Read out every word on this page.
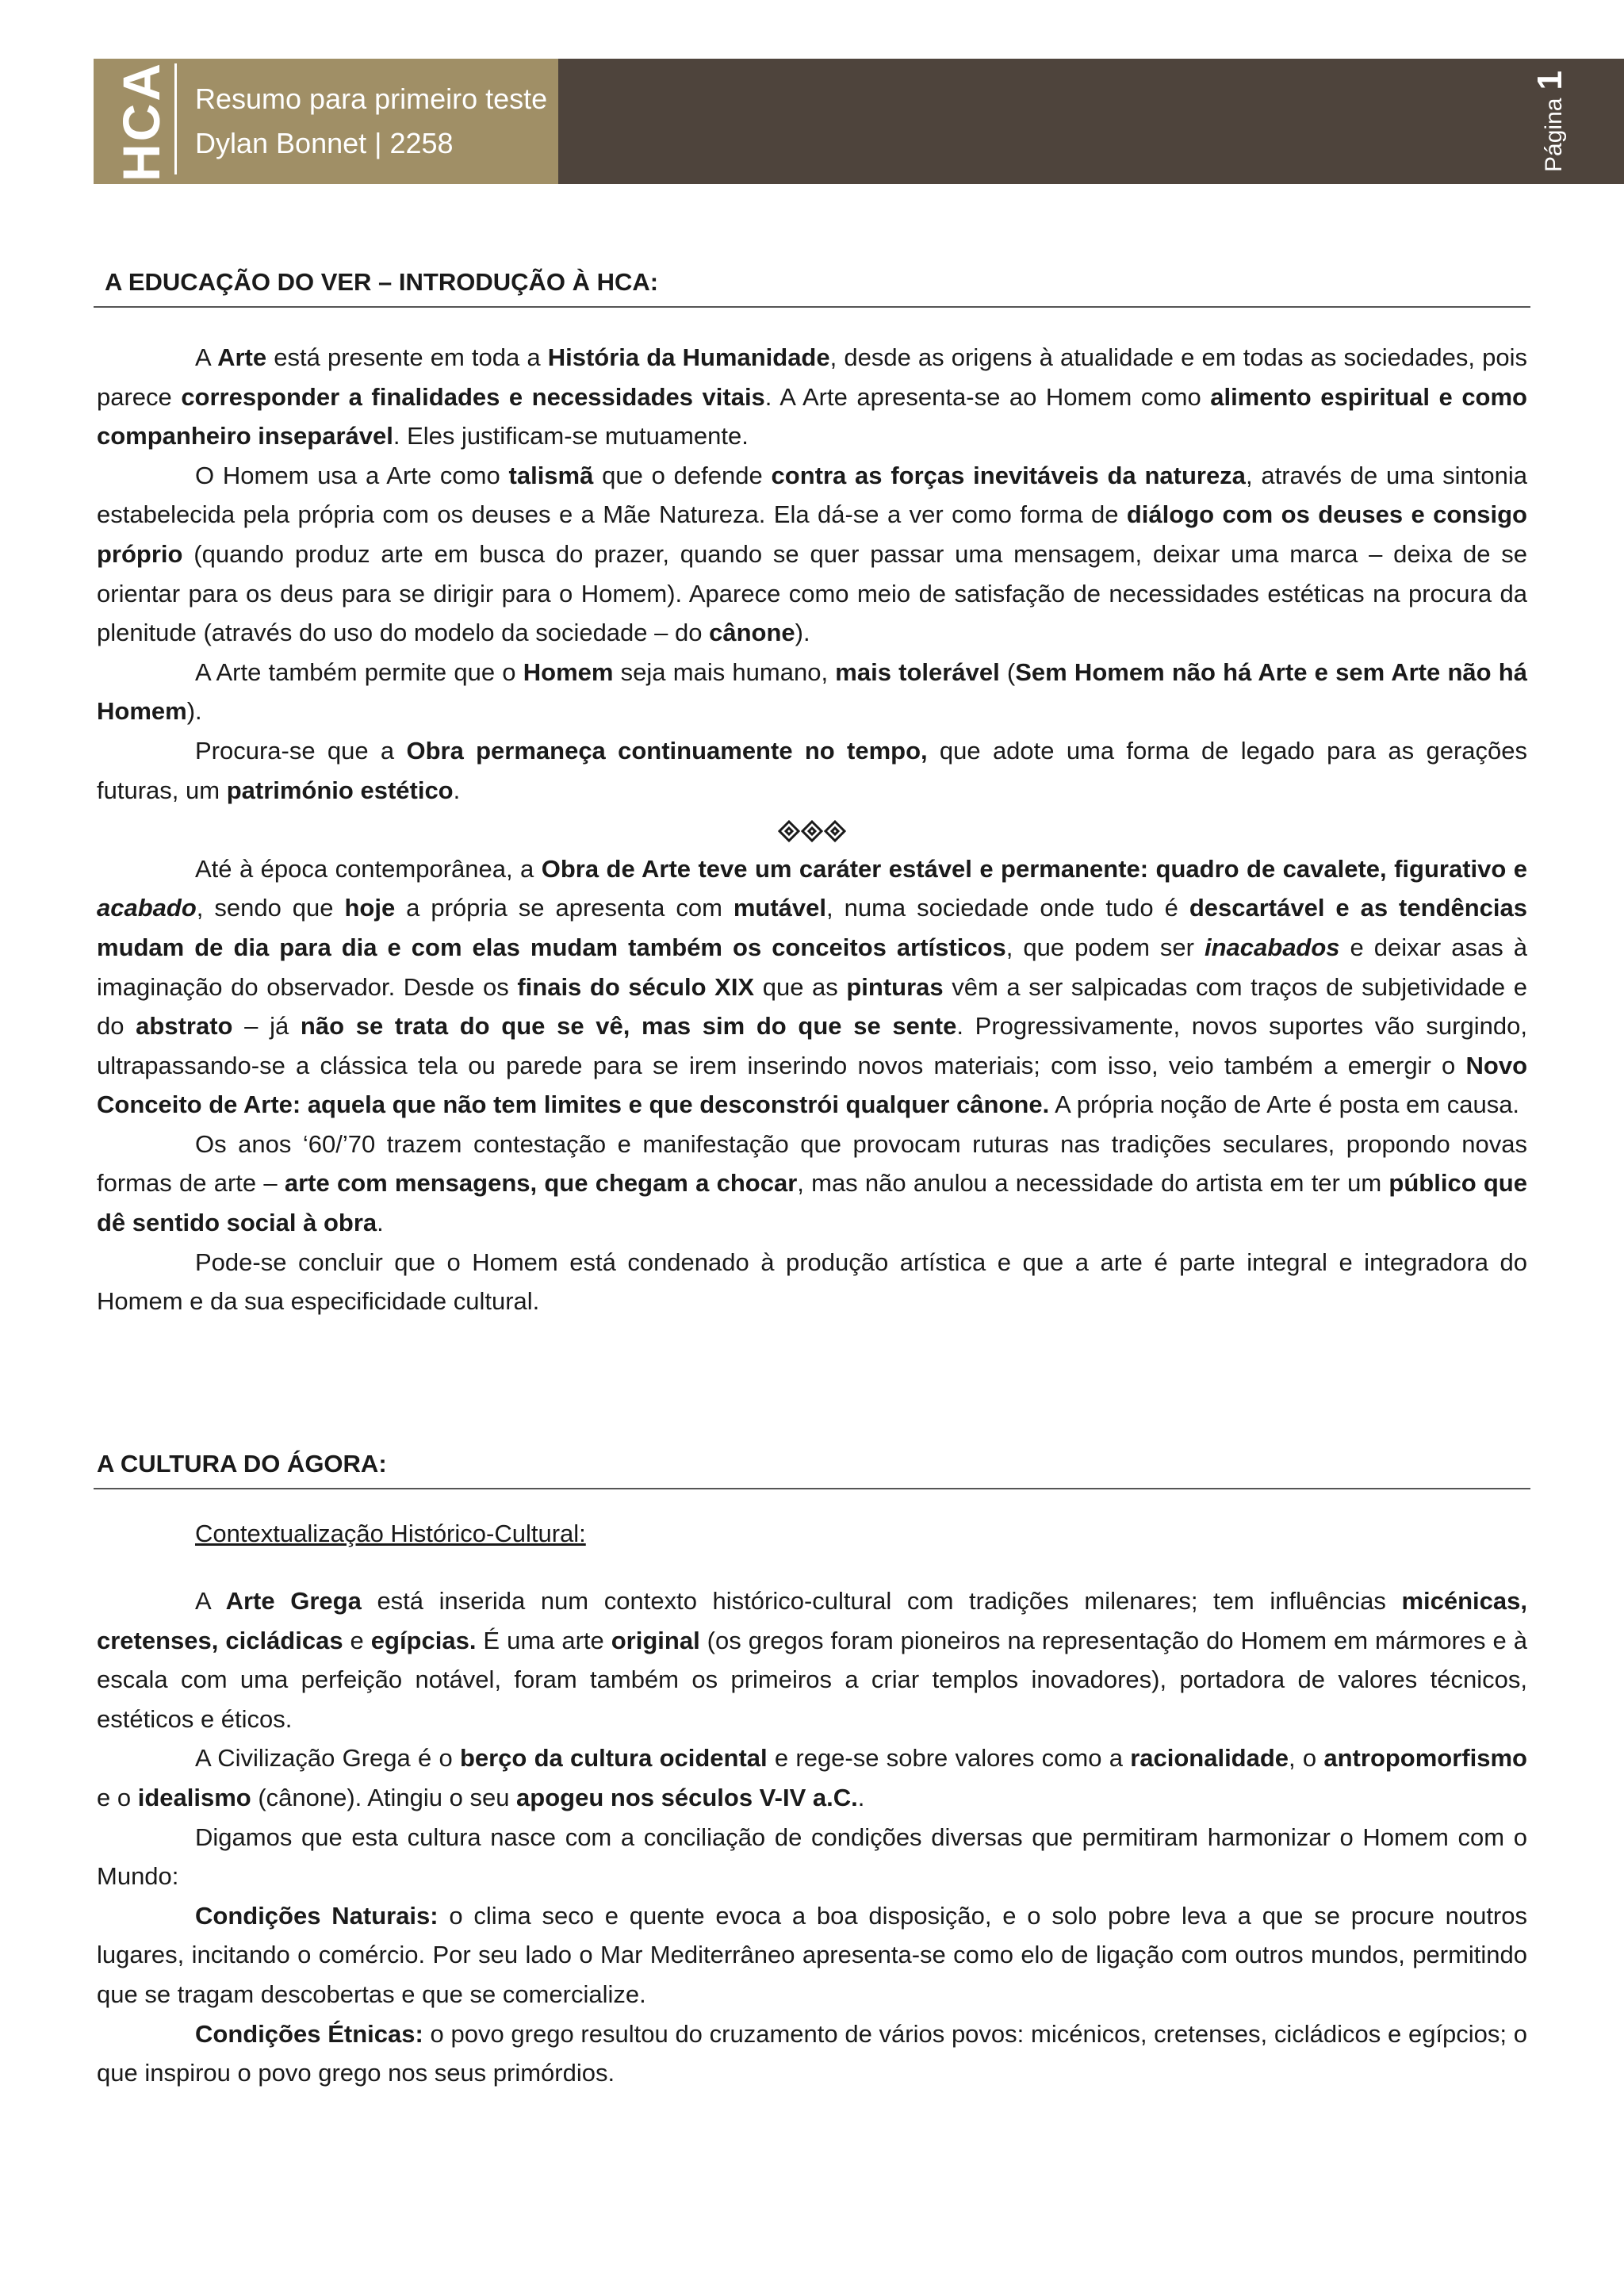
HCA Resumo para primeiro teste
Dylan Bonnet | 2258	Página1
A EDUCAÇÃO DO VER – INTRODUÇÃO À HCA:

A Arte está presente em toda a História da Humanidade, desde as origens à atualidade e em todas as sociedades, pois parece corresponder a finalidades e necessidades vitais. A Arte apresenta-se ao Homem como alimento espiritual e como companheiro inseparável. Eles justificam-se mutuamente.

O Homem usa a Arte como talismã que o defende contra as forças inevitáveis da natureza, através de uma sintonia estabelecida pela própria com os deuses e a Mãe Natureza. Ela dá-se a ver como forma de diálogo com os deuses e consigo próprio (quando produz arte em busca do prazer, quando se quer passar uma mensagem, deixar uma marca – deixa de se orientar para os deus para se dirigir para o Homem). Aparece como meio de satisfação de necessidades estéticas na procura da plenitude (através do uso do modelo da sociedade – do cânone).

A Arte também permite que o Homem seja mais humano, mais tolerável (Sem Homem não há Arte e sem Arte não há Homem).

Procura-se que a Obra permaneça continuamente no tempo, que adote uma forma de legado para as gerações futuras, um património estético.

Até à época contemporânea, a Obra de Arte teve um caráter estável e permanente: quadro de cavalete, figurativo e acabado, sendo que hoje a própria se apresenta com mutável, numa sociedade onde tudo é descartável e as tendências mudam de dia para dia e com elas mudam também os conceitos artísticos, que podem ser inacabados e deixar asas à imaginação do observador. Desde os finais do século XIX que as pinturas vêm a ser salpicadas com traços de subjetividade e do abstrato – já não se trata do que se vê, mas sim do que se sente. Progressivamente, novos suportes vão surgindo, ultrapassando-se a clássica tela ou parede para se irem inserindo novos materiais; com isso, veio também a emergir o Novo Conceito de Arte: aquela que não tem limites e que desconstrói qualquer cânone. A própria noção de Arte é posta em causa.

Os anos ‘60/’70 trazem contestação e manifestação que provocam ruturas nas tradições seculares, propondo novas formas de arte – arte com mensagens, que chegam a chocar, mas não anulou a necessidade do artista em ter um público que dê sentido social à obra.

Pode-se concluir que o Homem está condenado à produção artística e que a arte é parte integral e integradora do Homem e da sua especificidade cultural.

A CULTURA DO ÁGORA:
Contextualização Histórico-Cultural:

A Arte Grega está inserida num contexto histórico-cultural com tradições milenares; tem influências micénicas, cretenses, cicládicas e egípcias. É uma arte original (os gregos foram pioneiros na representação do Homem em mármores e à escala com uma perfeição notável, foram também os primeiros a criar templos inovadores), portadora de valores técnicos, estéticos e éticos.

A Civilização Grega é o berço da cultura ocidental e rege-se sobre valores como a racionalidade, o antropomorfismo e o idealismo (cânone). Atingiu o seu apogeu nos séculos V-IV a.C..

Digamos que esta cultura nasce com a conciliação de condições diversas que permitiram harmonizar o Homem com o Mundo:

Condições Naturais: o clima seco e quente evoca a boa disposição, e o solo pobre leva a que se procure noutros lugares, incitando o comércio. Por seu lado o Mar Mediterrâneo apresenta-se como elo de ligação com outros mundos, permitindo que se tragam descobertas e que se comercialize.

Condições Étnicas: o povo grego resultou do cruzamento de vários povos: micénicos, cretenses, cicládicos e egípcios; o que inspirou o povo grego nos seus primórdios.
